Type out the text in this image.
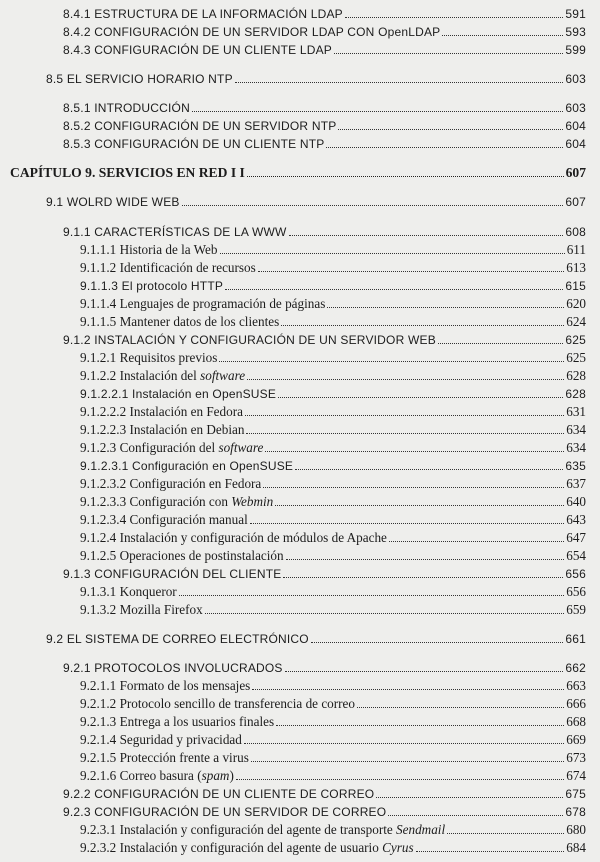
8.4.1 ESTRUCTURA DE LA INFORMACIÓN LDAP	591
8.4.2 CONFIGURACIÓN DE UN SERVIDOR LDAP CON OpenLDAP	593
8.4.3 CONFIGURACIÓN DE UN CLIENTE LDAP	599
8.5 EL SERVICIO HORARIO NTP	603
8.5.1 INTRODUCCIÓN	603
8.5.2 CONFIGURACIÓN DE UN SERVIDOR NTP	604
8.5.3 CONFIGURACIÓN DE UN CLIENTE NTP	604
CAPÍTULO 9. SERVICIOS EN RED I I	607
9.1 WOLRD WIDE WEB	607
9.1.1 CARACTERÍSTICAS DE LA WWW	608
9.1.1.1 Historia de la Web	611
9.1.1.2 Identificación de recursos	613
9.1.1.3 El protocolo HTTP	615
9.1.1.4 Lenguajes de programación de páginas	620
9.1.1.5 Mantener datos de los clientes	624
9.1.2 INSTALACIÓN Y CONFIGURACIÓN DE UN SERVIDOR WEB	625
9.1.2.1 Requisitos previos	625
9.1.2.2 Instalación del software	628
9.1.2.2.1 Instalación en OpenSUSE	628
9.1.2.2.2 Instalación en Fedora	631
9.1.2.2.3 Instalación en Debian	634
9.1.2.3 Configuración del software	634
9.1.2.3.1 Configuración en OpenSUSE	635
9.1.2.3.2 Configuración en Fedora	637
9.1.2.3.3 Configuración con Webmin	640
9.1.2.3.4 Configuración manual	643
9.1.2.4 Instalación y configuración de módulos de Apache	647
9.1.2.5 Operaciones de postinstalación	654
9.1.3 CONFIGURACIÓN DEL CLIENTE	656
9.1.3.1 Konqueror	656
9.1.3.2 Mozilla Firefox	659
9.2 EL SISTEMA DE CORREO ELECTRÓNICO	661
9.2.1 PROTOCOLOS INVOLUCRADOS	662
9.2.1.1 Formato de los mensajes	663
9.2.1.2 Protocolo sencillo de transferencia de correo	666
9.2.1.3 Entrega a los usuarios finales	668
9.2.1.4 Seguridad y privacidad	669
9.2.1.5 Protección frente a virus	673
9.2.1.6 Correo basura (spam)	674
9.2.2 CONFIGURACIÓN DE UN CLIENTE DE CORREO	675
9.2.3 CONFIGURACIÓN DE UN SERVIDOR DE CORREO	678
9.2.3.1 Instalación y configuración del agente de transporte Sendmail	680
9.2.3.2 Instalación y configuración del agente de usuario Cyrus	684
